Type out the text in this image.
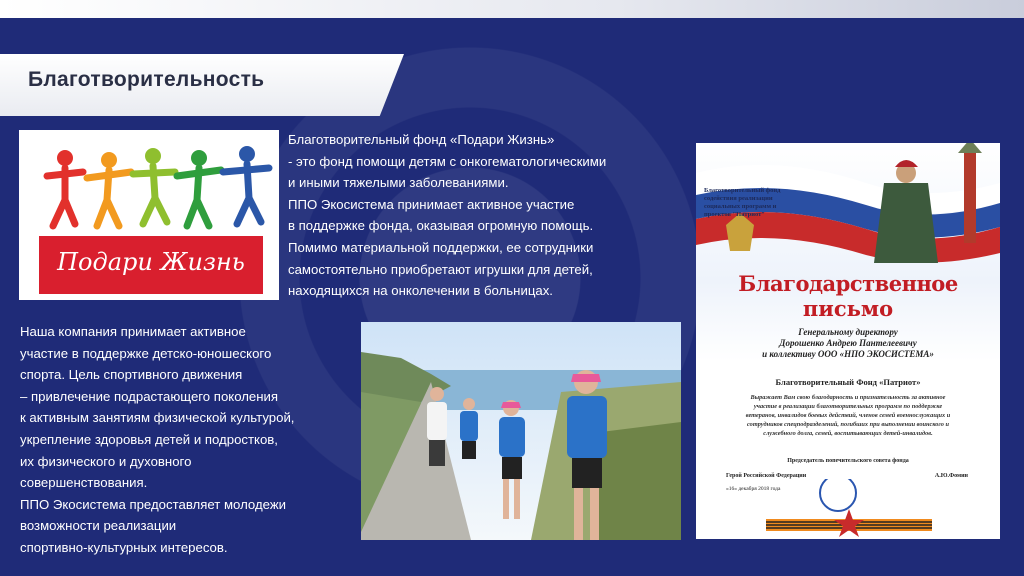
Благотворительность
Подари Жизнь

Благотворительный фонд «Подари Жизнь»

- это фонд помощи детям с онкогематологическими

и иными тяжелыми заболеваниями.

ППО Экосистема принимает активное участие

в поддержке фонда, оказывая огромную помощь.

Помимо материальной поддержки, ее сотрудники

самостоятельно приобретают игрушки для детей,

находящихся на онколечении в больницах.

Наша компания принимает активное

участие в поддержке детско-юношеского

спорта. Цель спортивного движения

– привлечение подрастающего поколения

к активным занятиям физической культурой,

укрепление здоровья детей и подростков,

их физического и духовного

совершенствования.

ППО Экосистема предоставляет молодежи

возможности реализации

спортивно-культурных интересов.

Благотворительный фонд содействия реализации социальных программ и проектов "Патриот"
Благодарственное
письмо
Генеральному директору
Дорошенко Андрею Пантелеевичу
и коллективу ООО «НПО ЭКОСИСТЕМА»
Благотворительный Фонд «Патриот»
Выражает Вам свою благодарность и признательность за активное
участие в реализации благотворительных программ по поддержке
ветеранов, инвалидов боевых действий, членов семей военнослужащих и
сотрудников спецподразделений, погибших при выполнении воинского и
служебного долга, семей, воспитывающих детей-инвалидов.
Председатель попечительского совета фонда
Герой Российской Федерации	А.Ю.Фомин
«16» декабря 2018 года
